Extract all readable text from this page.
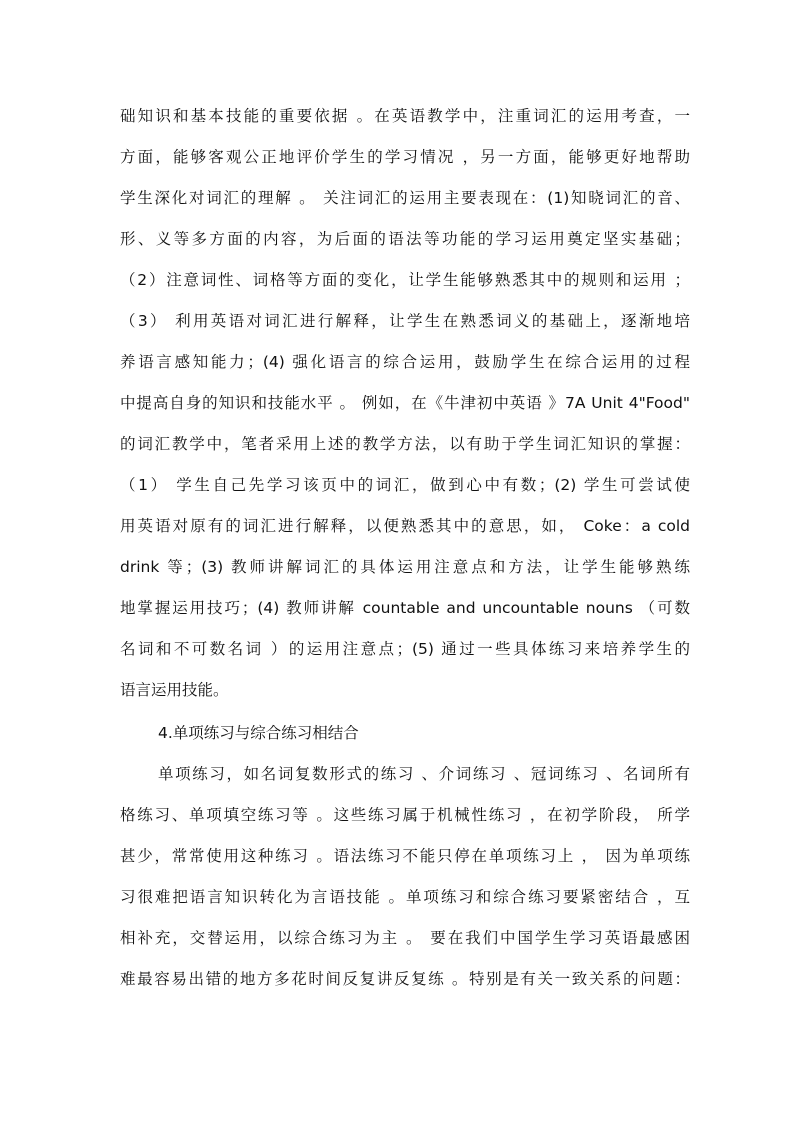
础知识和基本技能的重要依据 。在英语教学中，注重词汇的运用考查，一
方面，能够客观公正地评价学生的学习情况 ，另一方面，能够更好地帮助
学生深化对词汇的理解 。 关注词汇的运用主要表现在：(1)知晓词汇的音、
形、义等多方面的内容，为后面的语法等功能的学习运用奠定坚实基础；
（2）注意词性、词格等方面的变化，让学生能够熟悉其中的规则和运用 ；
（3） 利用英语对词汇进行解释，让学生在熟悉词义的基础上，逐渐地培
养语言感知能力；(4) 强化语言的综合运用，鼓励学生在综合运用的过程
中提高自身的知识和技能水平 。 例如，在《牛津初中英语 》7A Unit 4"Food"
的词汇教学中，笔者采用上述的教学方法，以有助于学生词汇知识的掌握：
（1） 学生自己先学习该页中的词汇，做到心中有数；(2) 学生可尝试使
用英语对原有的词汇进行解释，以便熟悉其中的意思，如， Coke：a cold
drink 等；(3) 教师讲解词汇的具体运用注意点和方法，让学生能够熟练
地掌握运用技巧；(4) 教师讲解 countable and uncountable nouns （可数
名词和不可数名词 ）的运用注意点；(5) 通过一些具体练习来培养学生的
语言运用技能。
4.单项练习与综合练习相结合
单项练习，如名词复数形式的练习 、介词练习 、冠词练习 、名词所有
格练习、单项填空练习等 。这些练习属于机械性练习 ，在初学阶段， 所学
甚少，常常使用这种练习 。语法练习不能只停在单项练习上 ， 因为单项练
习很难把语言知识转化为言语技能 。单项练习和综合练习要紧密结合 ，互
相补充，交替运用，以综合练习为主 。 要在我们中国学生学习英语最感困
难最容易出错的地方多花时间反复讲反复练 。特别是有关一致关系的问题：
